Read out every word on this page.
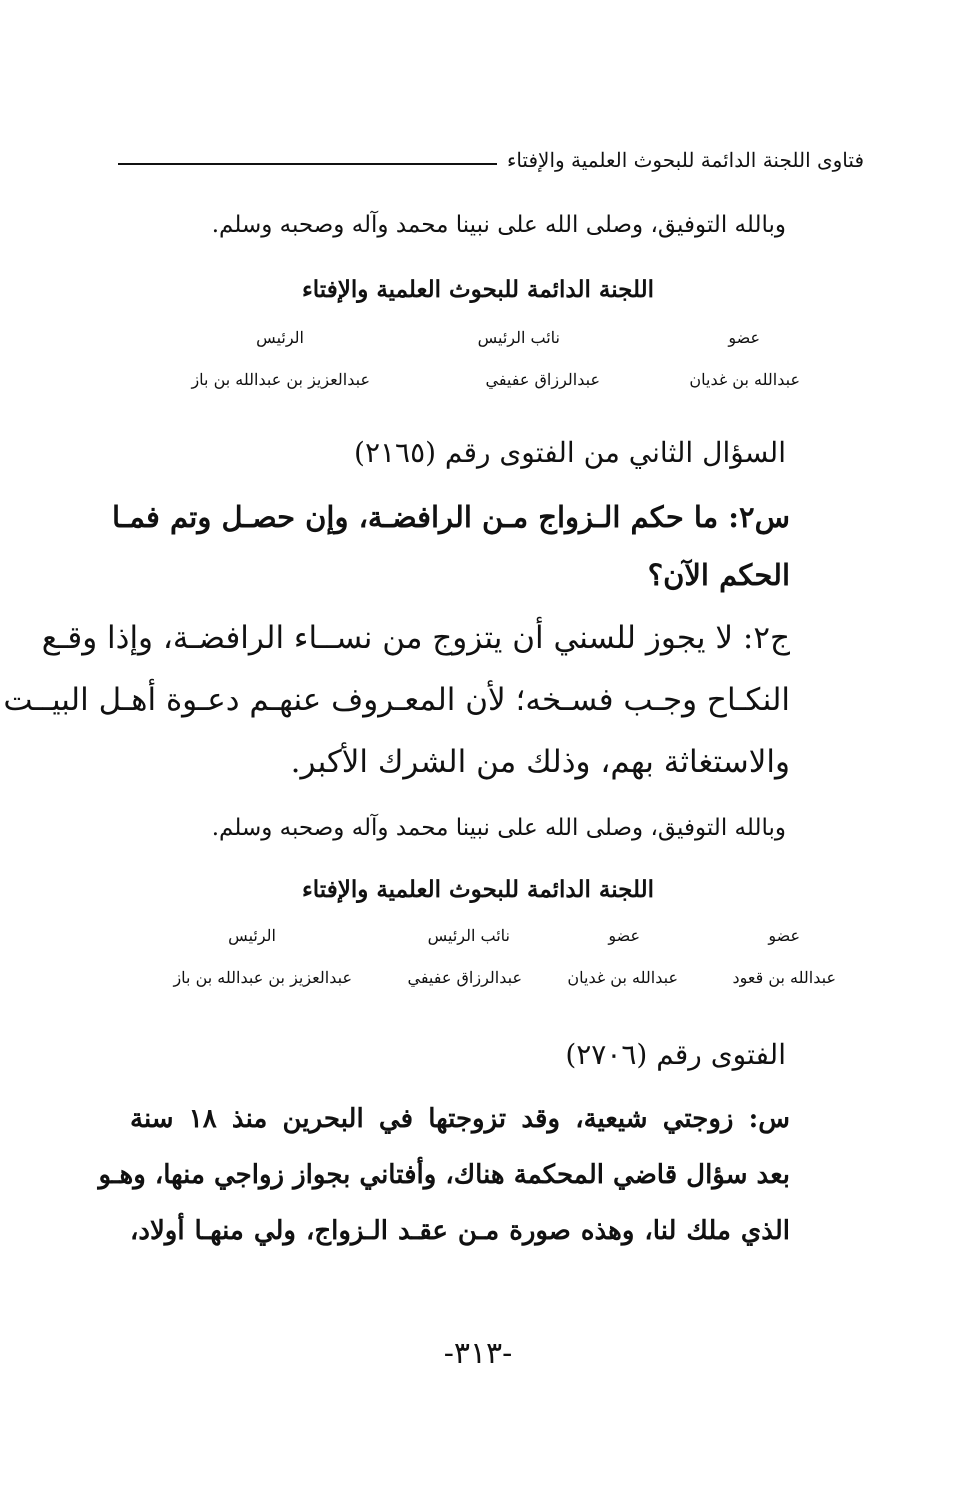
فتاوى اللجنة الدائمة للبحوث العلمية والإفتاء
وبالله التوفيق، وصلى الله على نبينا محمد وآله وصحبه وسلم.
اللجنة الدائمة للبحوث العلمية والإفتاء
عضو
نائب الرئيس
الرئيس
عبدالله بن غديان
عبدالرزاق عفيفي
عبدالعزيز بن عبدالله بن باز
السؤال الثاني من الفتوى رقم (٢١٦٥)
س٢: ما حكم الـزواج مـن الرافضـة، وإن حصـل وتم فمـا
الحكم الآن؟
ج٢: لا يجوز للسني أن يتزوج من نســاء الرافضـة، وإذا وقـع
النكـاح وجـب فسـخه؛ لأن المعـروف عنهـم دعـوة أهـل البيــت
والاستغاثة بهم، وذلك من الشرك الأكبر.
وبالله التوفيق، وصلى الله على نبينا محمد وآله وصحبه وسلم.
اللجنة الدائمة للبحوث العلمية والإفتاء
عضو
عضو
نائب الرئيس
الرئيس
عبدالله بن قعود
عبدالله بن غديان
عبدالرزاق عفيفي
عبدالعزيز بن عبدالله بن باز
الفتوى رقم (٢٧٠٦)
س: زوجتي شيعية، وقد تزوجتها في البحرين منذ ١٨ سنة
بعد سؤال قاضي المحكمة هناك، وأفتاني بجواز زواجي منها، وهـو
الذي ملك لنا، وهذه صورة مـن عقـد الـزواج، ولي منهـا أولاد،
-٣١٣-
